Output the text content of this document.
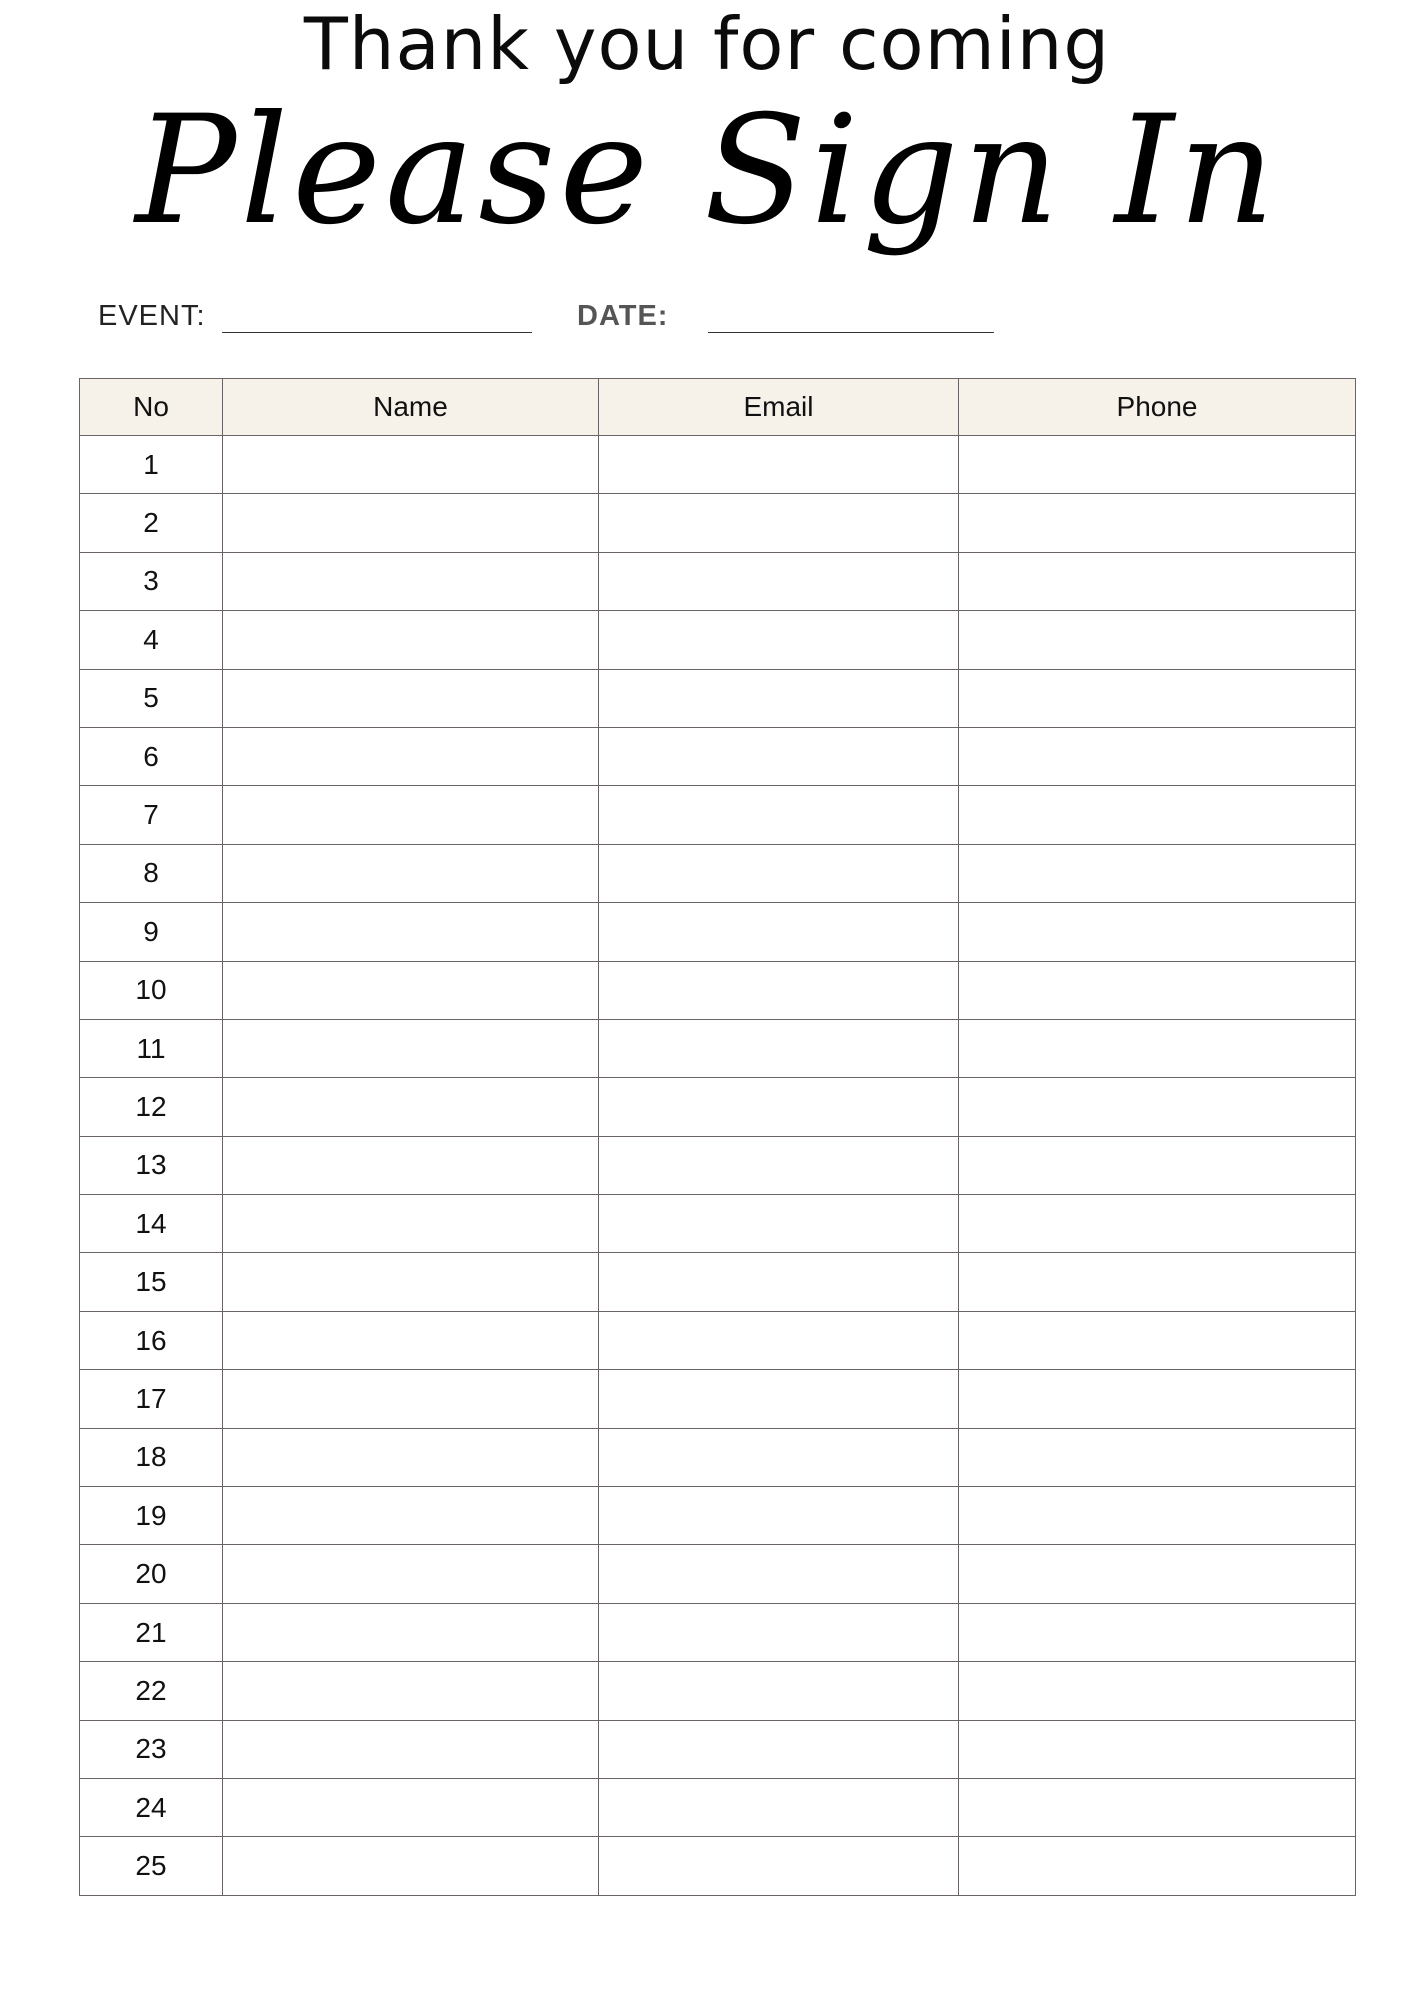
Thank you for coming
Please Sign In
EVENT:	DATE:
No	Name	Email	Phone
1			
2			
3			
4			
5			
6			
7			
8			
9			
10			
11			
12			
13			
14			
15			
16			
17			
18			
19			
20			
21			
22			
23			
24			
25			
